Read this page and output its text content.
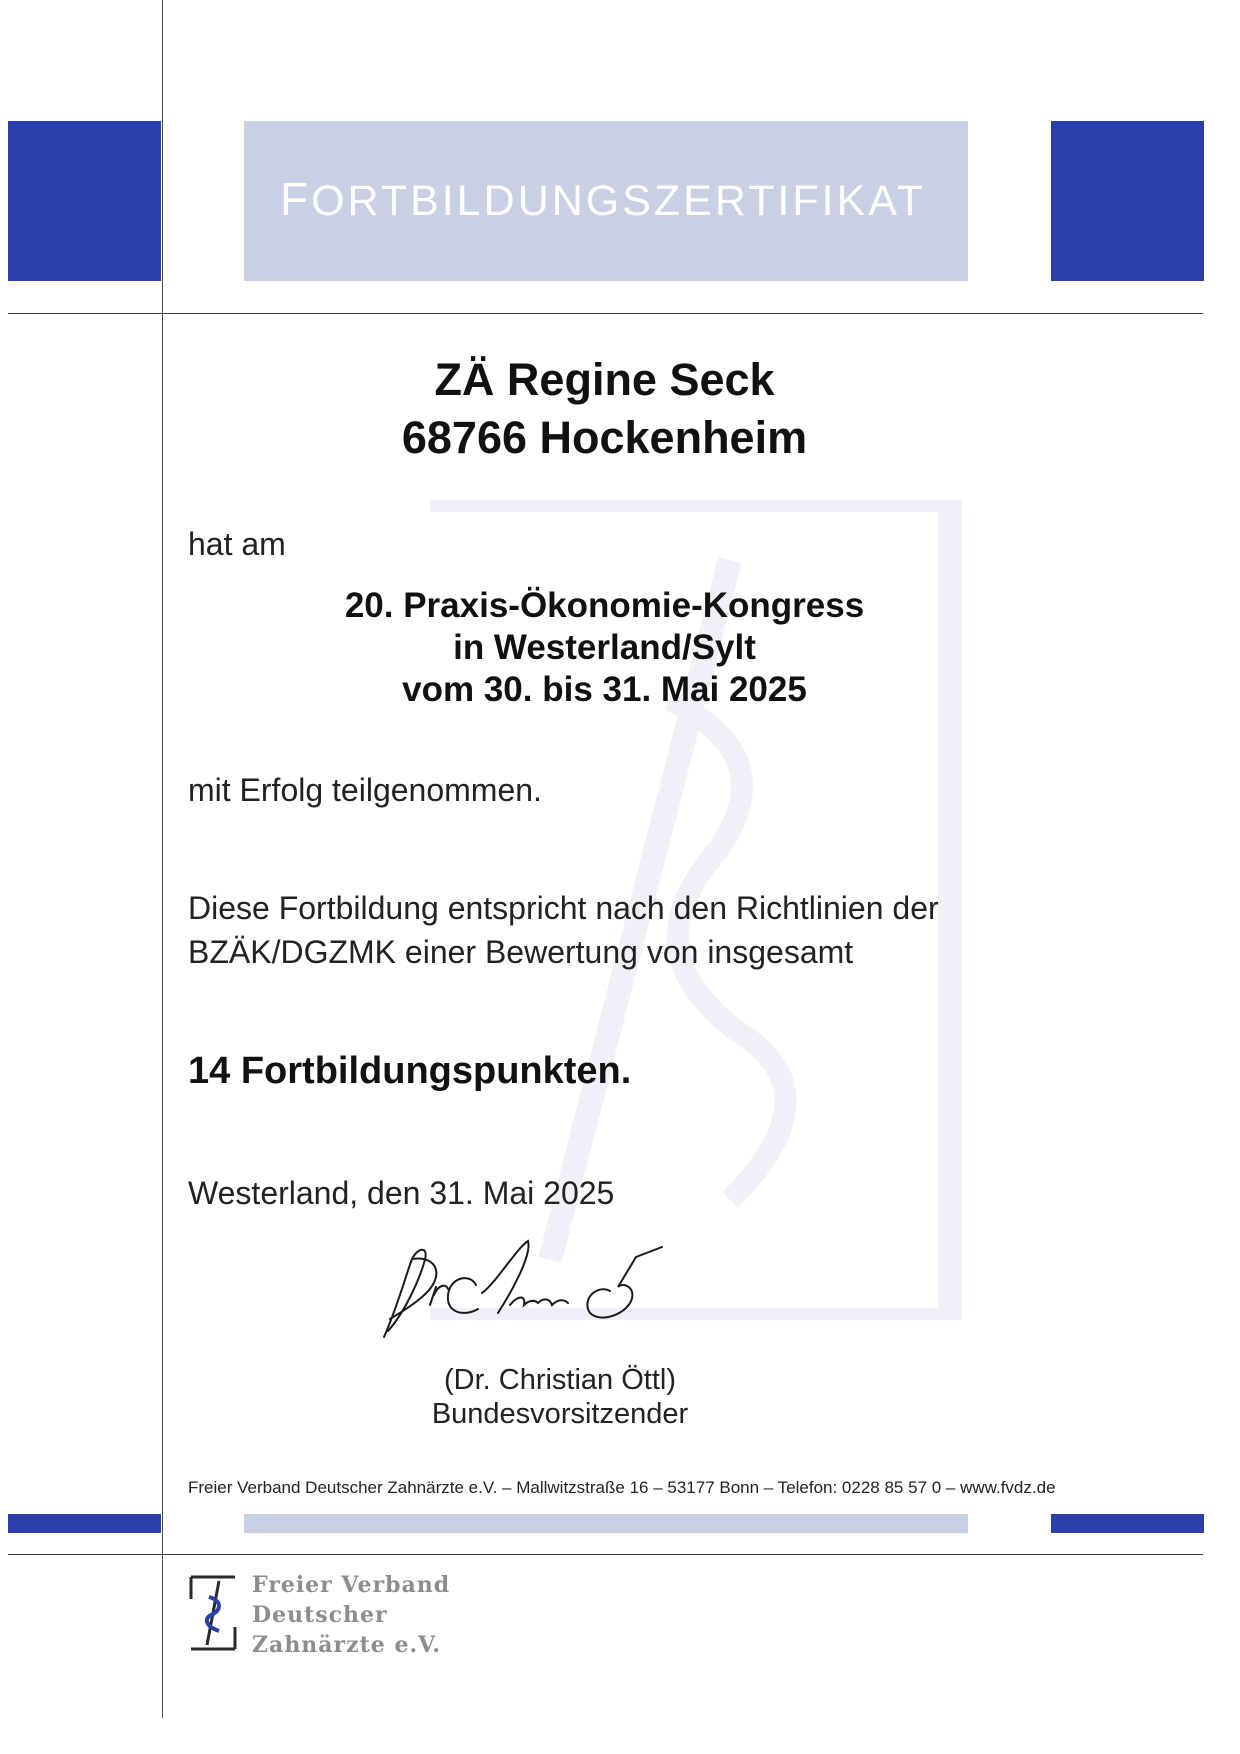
FORTBILDUNGSZERTIFIKAT
ZÄ Regine Seck
68766 Hockenheim
hat am
20. Praxis-Ökonomie-Kongress
in Westerland/Sylt
vom 30. bis 31. Mai 2025
mit Erfolg teilgenommen.
Diese Fortbildung entspricht nach den Richtlinien der
BZÄK/DGZMK einer Bewertung von insgesamt
14 Fortbildungspunkten.
Westerland, den 31. Mai 2025
(Dr. Christian Öttl)
Bundesvorsitzender
Freier Verband Deutscher Zahnärzte e.V. – Mallwitzstraße 16 – 53177 Bonn – Telefon: 0228 85 57 0 – www.fvdz.de
Freier Verband
Deutscher
Zahnärzte e.V.
